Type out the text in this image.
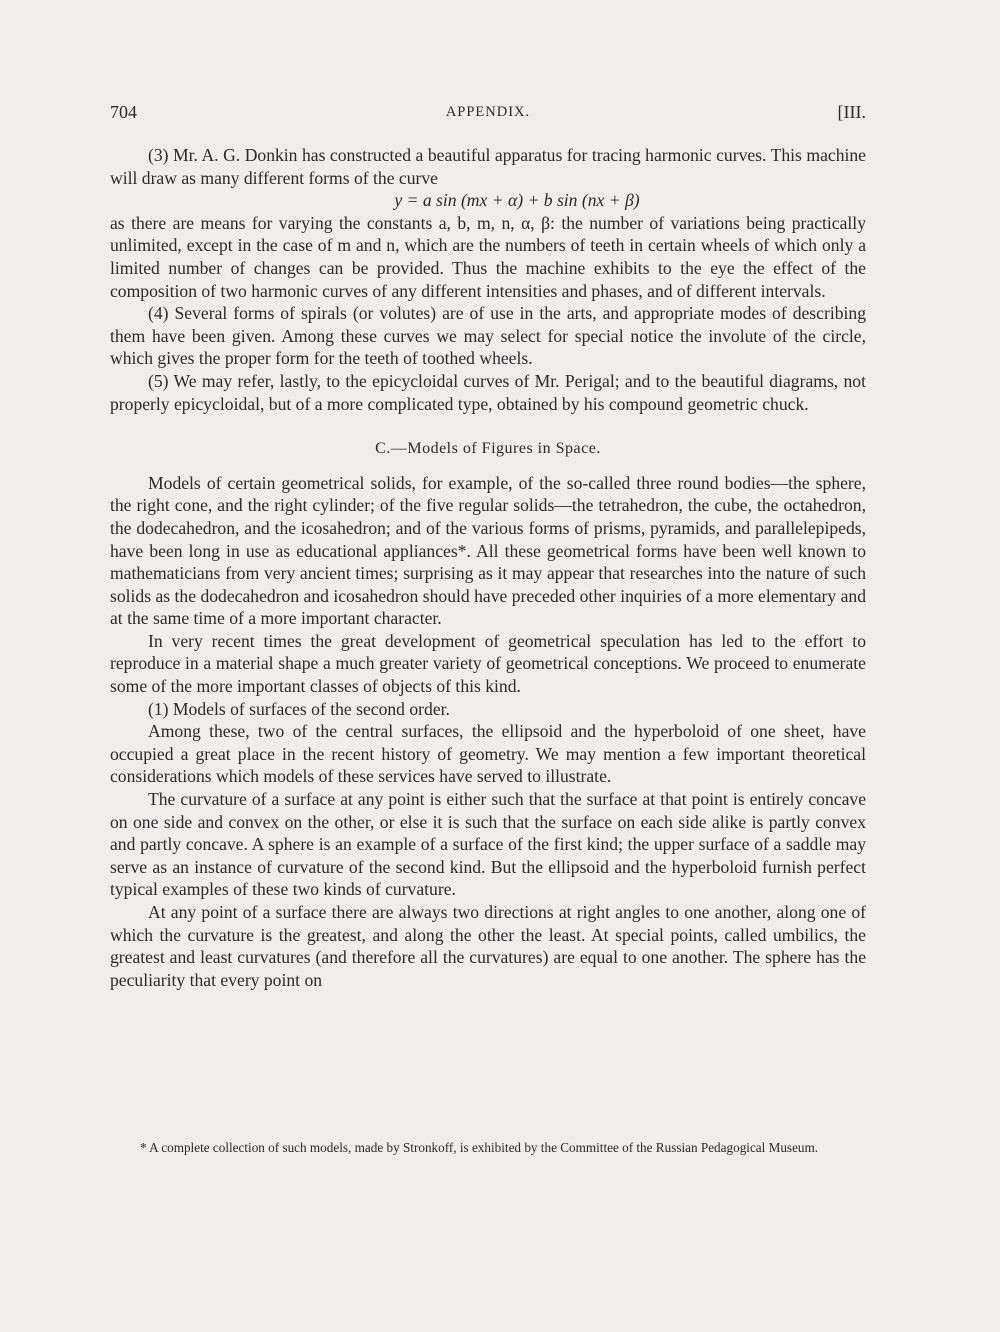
704	APPENDIX.	[III.

(3) Mr. A. G. Donkin has constructed a beautiful apparatus for tracing harmonic curves. This machine will draw as many different forms of the curve

y = a sin (mx + α) + b sin (nx + β)

as there are means for varying the constants a, b, m, n, α, β: the number of variations being practically unlimited, except in the case of m and n, which are the numbers of teeth in certain wheels of which only a limited number of changes can be provided. Thus the machine exhibits to the eye the effect of the composition of two harmonic curves of any different intensities and phases, and of different intervals.

(4) Several forms of spirals (or volutes) are of use in the arts, and appropriate modes of describing them have been given. Among these curves we may select for special notice the involute of the circle, which gives the proper form for the teeth of toothed wheels.

(5) We may refer, lastly, to the epicycloidal curves of Mr. Perigal; and to the beautiful diagrams, not properly epicycloidal, but of a more complicated type, obtained by his compound geometric chuck.

C.—Models of Figures in Space.

Models of certain geometrical solids, for example, of the so-called three round bodies—the sphere, the right cone, and the right cylinder; of the five regular solids—the tetrahedron, the cube, the octahedron, the dodecahedron, and the icosahedron; and of the various forms of prisms, pyramids, and parallelepipeds, have been long in use as educational appliances*. All these geometrical forms have been well known to mathematicians from very ancient times; surprising as it may appear that researches into the nature of such solids as the dodecahedron and icosahedron should have preceded other inquiries of a more elementary and at the same time of a more important character.

In very recent times the great development of geometrical speculation has led to the effort to reproduce in a material shape a much greater variety of geometrical conceptions. We proceed to enumerate some of the more important classes of objects of this kind.

(1) Models of surfaces of the second order.

Among these, two of the central surfaces, the ellipsoid and the hyperboloid of one sheet, have occupied a great place in the recent history of geometry. We may mention a few important theoretical considerations which models of these services have served to illustrate.

The curvature of a surface at any point is either such that the surface at that point is entirely concave on one side and convex on the other, or else it is such that the surface on each side alike is partly convex and partly concave. A sphere is an example of a surface of the first kind; the upper surface of a saddle may serve as an instance of curvature of the second kind. But the ellipsoid and the hyperboloid furnish perfect typical examples of these two kinds of curvature.

At any point of a surface there are always two directions at right angles to one another, along one of which the curvature is the greatest, and along the other the least. At special points, called umbilics, the greatest and least curvatures (and therefore all the curvatures) are equal to one another. The sphere has the peculiarity that every point on

* A complete collection of such models, made by Stronkoff, is exhibited by the Committee of the Russian Pedagogical Museum.
